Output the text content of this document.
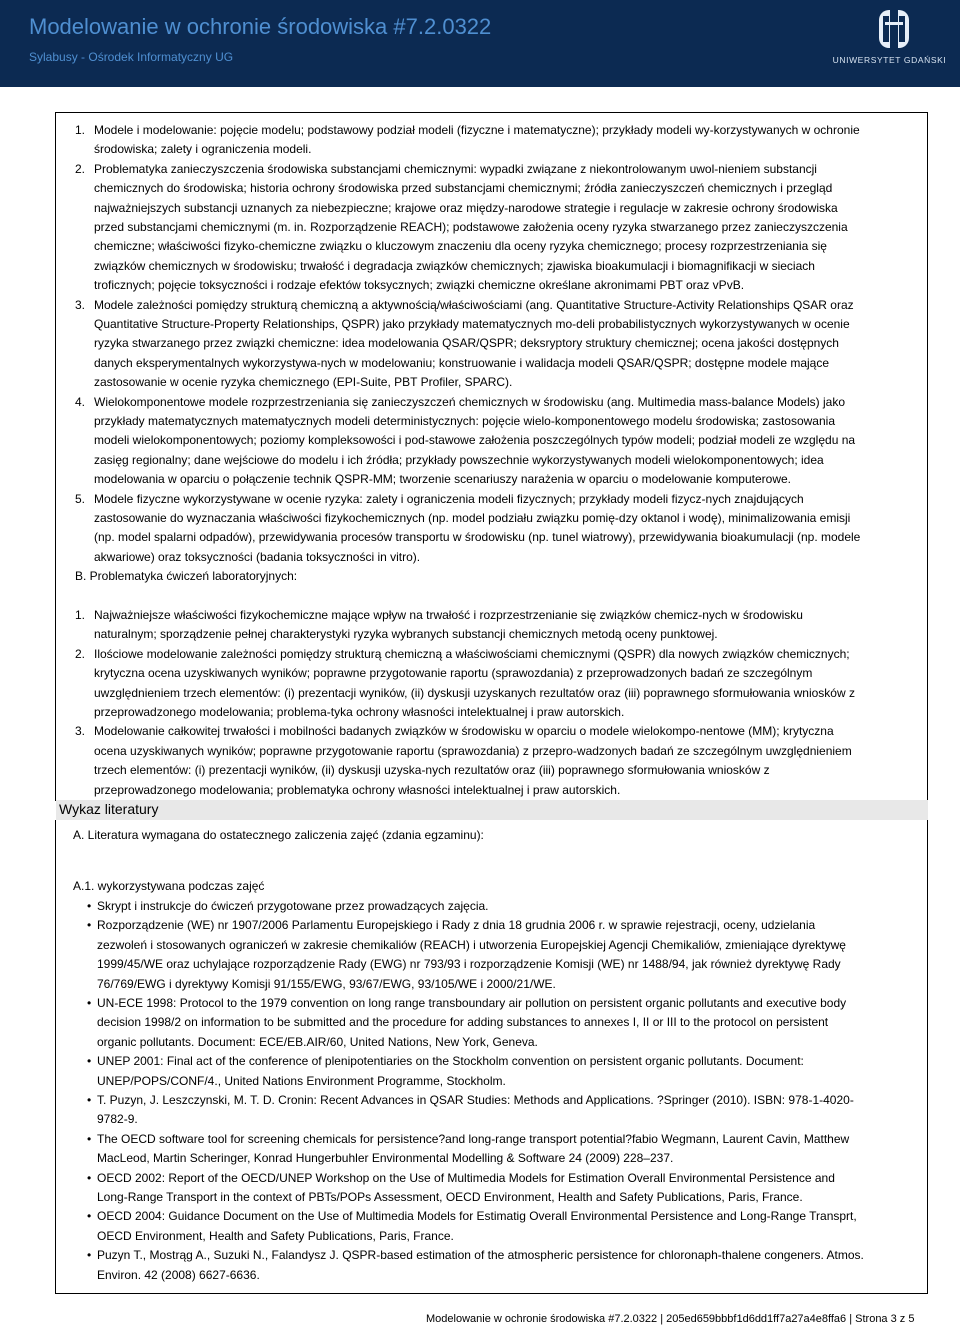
Modelowanie w ochronie środowiska #7.2.0322
Sylabusy - Ośrodek Informatyczny UG	UNIWERSYTET GDAŃSKI
1. Modele i modelowanie: pojęcie modelu; podstawowy podział modeli (fizyczne i matematyczne); przykłady modeli wy-korzystywanych w ochronie
środowiska; zalety i ograniczenia modeli.
2. Problematyka zanieczyszczenia środowiska substancjami chemicznymi: wypadki związane z niekontrolowanym uwol-nieniem substancji
chemicznych do środowiska; historia ochrony środowiska przed substancjami chemicznymi; źródła zanieczyszczeń chemicznych i przegląd
najważniejszych substancji uznanych za niebezpieczne; krajowe oraz między-narodowe strategie i regulacje w zakresie ochrony środowiska
przed substancjami chemicznymi (m. in. Rozporządzenie REACH); podstawowe założenia oceny ryzyka stwarzanego przez zanieczyszczenia
chemiczne; właściwości fizyko-chemiczne związku o kluczowym znaczeniu dla oceny ryzyka chemicznego; procesy rozprzestrzeniania się
związków chemicznych w środowisku; trwałość i degradacja związków chemicznych; zjawiska bioakumulacji i biomagnifikacji w sieciach
troficznych; pojęcie toksyczności i rodzaje efektów toksycznych; związki chemiczne określane akronimami PBT oraz vPvB.
3. Modele zależności pomiędzy strukturą chemiczną a aktywnością/właściwościami (ang. Quantitative Structure-Activity Relationships QSAR oraz
Quantitative Structure-Property Relationships, QSPR) jako przykłady matematycznych mo-deli probabilistycznych wykorzystywanych w ocenie
ryzyka stwarzanego przez związki chemiczne: idea modelowania QSAR/QSPR; deksryptory struktury chemicznej; ocena jakości dostępnych
danych eksperymentalnych wykorzystywa-nych w modelowaniu; konstruowanie i walidacja modeli QSAR/QSPR; dostępne modele mające
zastosowanie w ocenie ryzyka chemicznego (EPI-Suite, PBT Profiler, SPARC).
4. Wielokomponentowe modele rozprzestrzeniania się zanieczyszczeń chemicznych w środowisku (ang. Multimedia mass-balance Models) jako
przykłady matematycznych matematycznych modeli deterministycznych: pojęcie wielo-komponentowego modelu środowiska; zastosowania
modeli wielokomponentowych; poziomy kompleksowości i pod-stawowe założenia poszczególnych typów modeli; podział modeli ze względu na
zasięg regionalny; dane wejściowe do modelu i ich źródła; przykłady powszechnie wykorzystywanych modeli wielokomponentowych; idea
modelowania w oparciu o połączenie technik QSPR-MM; tworzenie scenariuszy narażenia w oparciu o modelowanie komputerowe.
5. Modele fizyczne wykorzystywane w ocenie ryzyka: zalety i ograniczenia modeli fizycznych; przykłady modeli fizycz-nych znajdujących
zastosowanie do wyznaczania właściwości fizykochemicznych (np. model podziału związku pomię-dzy oktanol i wodę), minimalizowania emisji
(np. model spalarni odpadów), przewidywania procesów transportu w środowisku (np. tunel wiatrowy), przewidywania bioakumulacji (np. modele
akwariowe) oraz toksyczności (badania toksyczności in vitro).
B. Problematyka ćwiczeń laboratoryjnych:
1. Najważniejsze właściwości fizykochemiczne mające wpływ na trwałość i rozprzestrzenianie się związków chemicz-nych w środowisku
naturalnym; sporządzenie pełnej charakterystyki ryzyka wybranych substancji chemicznych metodą oceny punktowej.
2. Ilościowe modelowanie zależności pomiędzy strukturą chemiczną a właściwościami chemicznymi (QSPR) dla nowych związków chemicznych;
krytyczna ocena uzyskiwanych wyników; poprawne przygotowanie raportu (sprawozdania) z przeprowadzonych badań ze szczególnym
uwzględnieniem trzech elementów: (i) prezentacji wyników, (ii) dyskusji uzyskanych rezultatów oraz (iii) poprawnego sformułowania wniosków z
przeprowadzonego modelowania; problema-tyka ochrony własności intelektualnej i praw autorskich.
3. Modelowanie całkowitej trwałości i mobilności badanych związków w środowisku w oparciu o modele wielokompo-nentowe (MM); krytyczna
ocena uzyskiwanych wyników; poprawne przygotowanie raportu (sprawozdania) z przepro-wadzonych badań ze szczególnym uwzględnieniem
trzech elementów: (i) prezentacji wyników, (ii) dyskusji uzyska-nych rezultatów oraz (iii) poprawnego sformułowania wniosków z
przeprowadzonego modelowania; problematyka ochrony własności intelektualnej i praw autorskich.
Wykaz literatury
A. Literatura wymagana do ostatecznego zaliczenia zajęć (zdania egzaminu):
A.1. wykorzystywana podczas zajęć
• Skrypt i instrukcje do ćwiczeń przygotowane przez prowadzących zajęcia.
• Rozporządzenie (WE) nr 1907/2006 Parlamentu Europejskiego i Rady z dnia 18 grudnia 2006 r. w sprawie rejestracji, oceny, udzielania
zezwoleń i stosowanych ograniczeń w zakresie chemikaliów (REACH) i utworzenia Europejskiej Agencji Chemikaliów, zmieniające dyrektywę
1999/45/WE oraz uchylające rozporządzenie Rady (EWG) nr 793/93 i rozporządzenie Komisji (WE) nr 1488/94, jak również dyrektywę Rady
76/769/EWG i dyrektywy Komisji 91/155/EWG, 93/67/EWG, 93/105/WE i 2000/21/WE.
• UN-ECE 1998: Protocol to the 1979 convention on long range transboundary air pollution on persistent organic pollutants and executive body
decision 1998/2 on information to be submitted and the procedure for adding substances to annexes I, II or III to the protocol on persistent
organic pollutants. Document: ECE/EB.AIR/60, United Nations, New York, Geneva.
• UNEP 2001: Final act of the conference of plenipotentiaries on the Stockholm convention on persistent organic pollutants. Document:
UNEP/POPS/CONF/4., United Nations Environment Programme, Stockholm.
• T. Puzyn, J. Leszczynski, M. T. D. Cronin: Recent Advances in QSAR Studies: Methods and Applications. ?Springer (2010). ISBN: 978-1-4020-
9782-9.
• The OECD software tool for screening chemicals for persistence?and long-range transport potential?fabio Wegmann, Laurent Cavin, Matthew
MacLeod, Martin Scheringer, Konrad Hungerbuhler Environmental Modelling & Software 24 (2009) 228–237.
• OECD 2002: Report of the OECD/UNEP Workshop on the Use of Multimedia Models for Estimation Overall Environmental Persistence and
Long-Range Transport in the context of PBTs/POPs Assessment, OECD Environment, Health and Safety Publications, Paris, France.
• OECD 2004: Guidance Document on the Use of Multimedia Models for Estimatig Overall Environmental Persistence and Long-Range Transprt,
OECD Environment, Health and Safety Publications, Paris, France.
• Puzyn T., Mostrąg A., Suzuki N., Falandysz J. QSPR-based estimation of the atmospheric persistence for chloronaph-thalene congeners. Atmos.
Environ. 42 (2008) 6627-6636.
Modelowanie w ochronie środowiska #7.2.0322 | 205ed659bbbf1d6dd1ff7a27a4e8ffa6 | Strona 3 z 5
